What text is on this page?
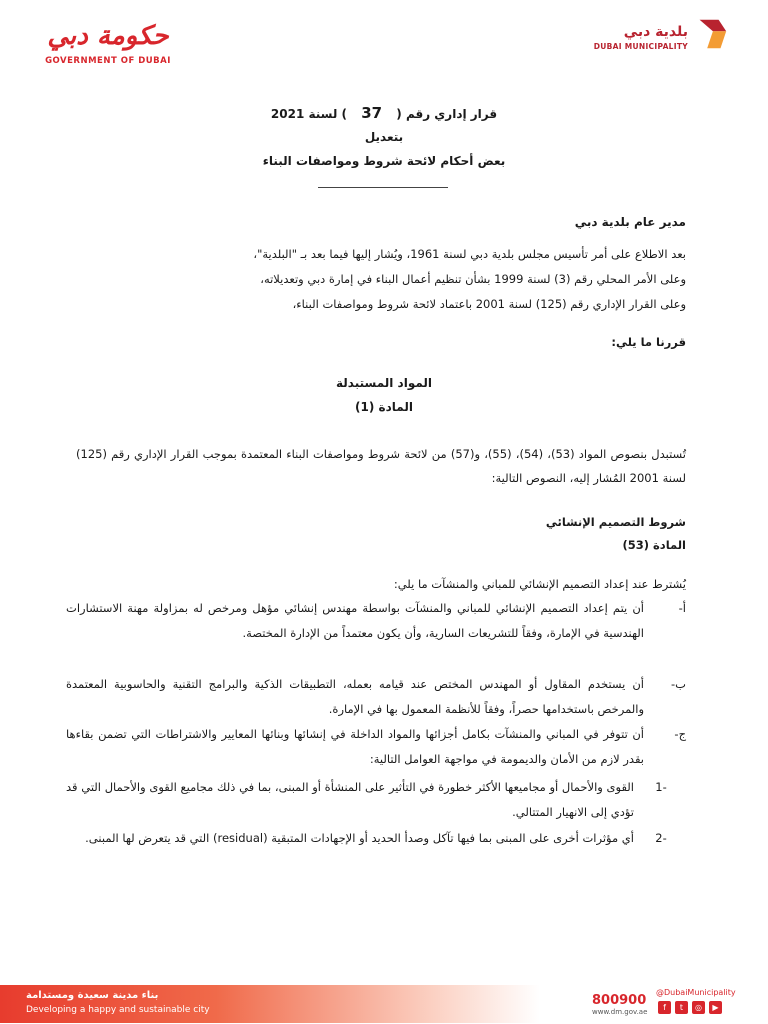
حكومة دبي
GOVERNMENT OF DUBAI
بلدية دبي
DUBAI MUNICIPALITY
قرار إداري رقم ( 37 ) لسنة 2021
بتعديل
بعض أحكام لائحة شروط ومواصفات البناء
مدير عام بلدية دبي
بعد الاطلاع على أمر تأسيس مجلس بلدية دبي لسنة 1961، ويُشار إليها فيما بعد بـ "البلدية"،
وعلى الأمر المحلي رقم (3) لسنة 1999 بشأن تنظيم أعمال البناء في إمارة دبي وتعديلاته،
وعلى القرار الإداري رقم (125) لسنة 2001 باعتماد لائحة شروط ومواصفات البناء،
قررنا ما يلي:
المواد المستبدلة
المادة (1)
تُستبدل بنصوص المواد (53)، (54)، (55)، و(57) من لائحة شروط ومواصفات البناء المعتمدة بموجب القرار الإداري رقم (125) لسنة 2001 المُشار إليه، النصوص التالية:
شروط التصميم الإنشائي
المادة (53)
يُشترط عند إعداد التصميم الإنشائي للمباني والمنشآت ما يلي:
أ-
أن يتم إعداد التصميم الإنشائي للمباني والمنشآت بواسطة مهندس إنشائي مؤهل ومرخص له بمزاولة مهنة الاستشارات الهندسية في الإمارة، وفقاً للتشريعات السارية، وأن يكون معتمداً من الإدارة المختصة.
ب-
أن يستخدم المقاول أو المهندس المختص عند قيامه بعمله، التطبيقات الذكية والبرامج التقنية والحاسوبية المعتمدة والمرخص باستخدامها حصراً، وفقاً للأنظمة المعمول بها في الإمارة.
ج-
أن تتوفر في المباني والمنشآت بكامل أجزائها والمواد الداخلة في إنشائها وبنائها المعايير والاشتراطات التي تضمن بقاءها بقدر لازم من الأمان والديمومة في مواجهة العوامل التالية:
-1
القوى والأحمال أو مجاميعها الأكثر خطورة في التأثير على المنشأة أو المبنى، بما في ذلك مجاميع القوى والأحمال التي قد تؤدي إلى الانهيار المتتالي.
-2
أي مؤثرات أخرى على المبنى بما فيها تآكل وصدأ الحديد أو الإجهادات المتبقية (residual) التي قد يتعرض لها المبنى.
بناء مدينة سعيدة ومستدامة
Developing a happy and sustainable city
800900
www.dm.gov.ae
@DubaiMunicipality
f	t	◎	▶
